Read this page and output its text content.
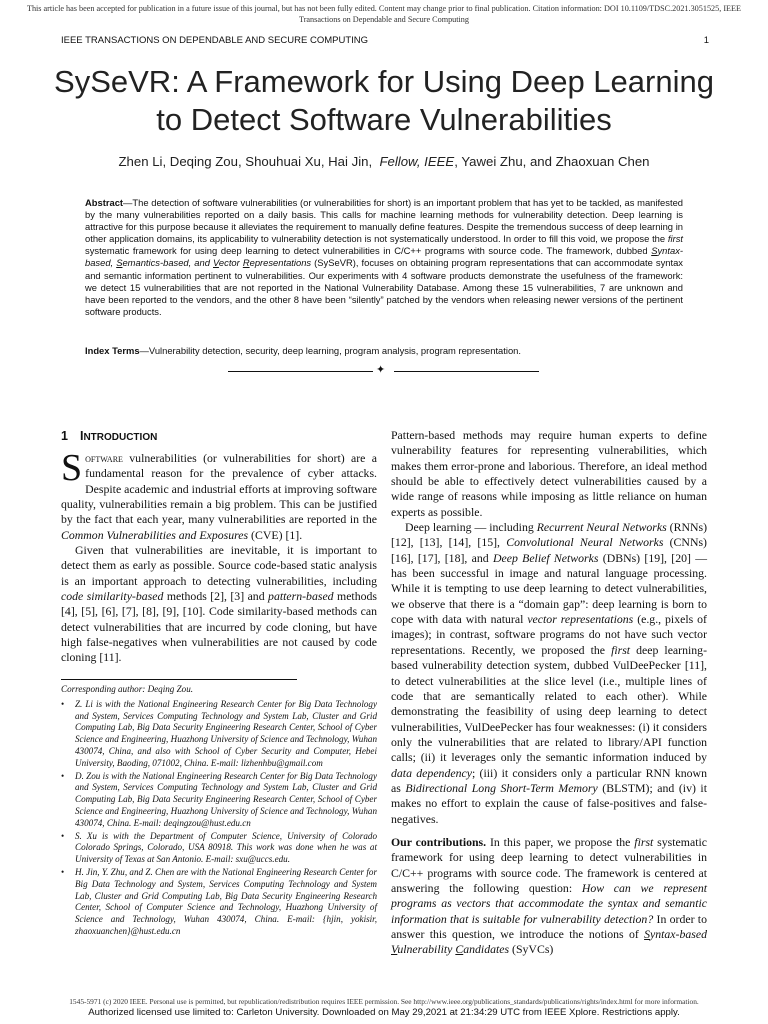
This article has been accepted for publication in a future issue of this journal, but has not been fully edited. Content may change prior to final publication. Citation information: DOI 10.1109/TDSC.2021.3051525, IEEE
Transactions on Dependable and Secure Computing
IEEE TRANSACTIONS ON DEPENDABLE AND SECURE COMPUTING	1
SySeVR: A Framework for Using Deep Learning
to Detect Software Vulnerabilities
Zhen Li, Deqing Zou, Shouhuai Xu, Hai Jin, Fellow, IEEE, Yawei Zhu, and Zhaoxuan Chen

Abstract—The detection of software vulnerabilities (or vulnerabilities for short) is an important problem that has yet to be tackled, as manifested by the many vulnerabilities reported on a daily basis. This calls for machine learning methods for vulnerability detection. Deep learning is attractive for this purpose because it alleviates the requirement to manually define features. Despite the tremendous success of deep learning in other application domains, its applicability to vulnerability detection is not systematically understood. In order to fill this void, we propose the first systematic framework for using deep learning to detect vulnerabilities in C/C++ programs with source code. The framework, dubbed Syntax-based, Semantics-based, and Vector Representations (SySeVR), focuses on obtaining program representations that can accommodate syntax and semantic information pertinent to vulnerabilities. Our experiments with 4 software products demonstrate the usefulness of the framework: we detect 15 vulnerabilities that are not reported in the National Vulnerability Database. Among these 15 vulnerabilities, 7 are unknown and have been reported to the vendors, and the other 8 have been “silently” patched by the vendors when releasing newer versions of the pertinent software products.

Index Terms—Vulnerability detection, security, deep learning, program analysis, program representation.

✦
1 INTRODUCTION

Software vulnerabilities (or vulnerabilities for short) are a fundamental reason for the prevalence of cyber attacks. Despite academic and industrial efforts at improving software quality, vulnerabilities remain a big problem. This can be justified by the fact that each year, many vulnerabilities are reported in the Common Vulnerabilities and Exposures (CVE) [1].

Given that vulnerabilities are inevitable, it is important to detect them as early as possible. Source code-based static analysis is an important approach to detecting vulnerabilities, including code similarity-based methods [2], [3] and pattern-based methods [4], [5], [6], [7], [8], [9], [10]. Code similarity-based methods can detect vulnerabilities that are incurred by code cloning, but have high false-negatives when vulnerabilities are not caused by code cloning [11].

Corresponding author: Deqing Zou.

• Z. Li is with the National Engineering Research Center for Big Data Technology and System, Services Computing Technology and System Lab, Cluster and Grid Computing Lab, Big Data Security Engineering Research Center, School of Cyber Science and Engineering, Huazhong University of Science and Technology, Wuhan 430074, China, and also with School of Cyber Security and Computer, Hebei University, Baoding, 071002, China. E-mail: lizhenhbu@gmail.com
• D. Zou is with the National Engineering Research Center for Big Data Technology and System, Services Computing Technology and System Lab, Cluster and Grid Computing Lab, Big Data Security Engineering Research Center, School of Cyber Science and Engineering, Huazhong University of Science and Technology, Wuhan 430074, China. E-mail: deqingzou@hust.edu.cn
• S. Xu is with the Department of Computer Science, University of Colorado Colorado Springs, Colorado, USA 80918. This work was done when he was at University of Texas at San Antonio. E-mail: sxu@uccs.edu.
• H. Jin, Y. Zhu, and Z. Chen are with the National Engineering Research Center for Big Data Technology and System, Services Computing Technology and System Lab, Cluster and Grid Computing Lab, Big Data Security Engineering Research Center, School of Computer Science and Technology, Huazhong University of Science and Technology, Wuhan 430074, China. E-mail: {hjin, yokisir, zhaoxuanchen}@hust.edu.cn

Pattern-based methods may require human experts to define vulnerability features for representing vulnerabilities, which makes them error-prone and laborious. Therefore, an ideal method should be able to effectively detect vulnerabilities caused by a wide range of reasons while imposing as little reliance on human experts as possible.

Deep learning — including Recurrent Neural Networks (RNNs) [12], [13], [14], [15], Convolutional Neural Networks (CNNs) [16], [17], [18], and Deep Belief Networks (DBNs) [19], [20] — has been successful in image and natural language processing. While it is tempting to use deep learning to detect vulnerabilities, we observe that there is a “domain gap”: deep learning is born to cope with data with natural vector representations (e.g., pixels of images); in contrast, software programs do not have such vector representations. Recently, we proposed the first deep learning-based vulnerability detection system, dubbed VulDeePecker [11], to detect vulnerabilities at the slice level (i.e., multiple lines of code that are semantically related to each other). While demonstrating the feasibility of using deep learning to detect vulnerabilities, VulDeePecker has four weaknesses: (i) it considers only the vulnerabilities that are related to library/API function calls; (ii) it leverages only the semantic information induced by data dependency; (iii) it considers only a particular RNN known as Bidirectional Long Short-Term Memory (BLSTM); and (iv) it makes no effort to explain the cause of false-positives and false-negatives.

Our contributions. In this paper, we propose the first systematic framework for using deep learning to detect vulnerabilities in C/C++ programs with source code. The framework is centered at answering the following question: How can we represent programs as vectors that accommodate the syntax and semantic information that is suitable for vulnerability detection? In order to answer this question, we introduce the notions of Syntax-based Vulnerability Candidates (SyVCs)

1545-5971 (c) 2020 IEEE. Personal use is permitted, but republication/redistribution requires IEEE permission. See http://www.ieee.org/publications_standards/publications/rights/index.html for more information.
Authorized licensed use limited to: Carleton University. Downloaded on May 29,2021 at 21:34:29 UTC from IEEE Xplore. Restrictions apply.
